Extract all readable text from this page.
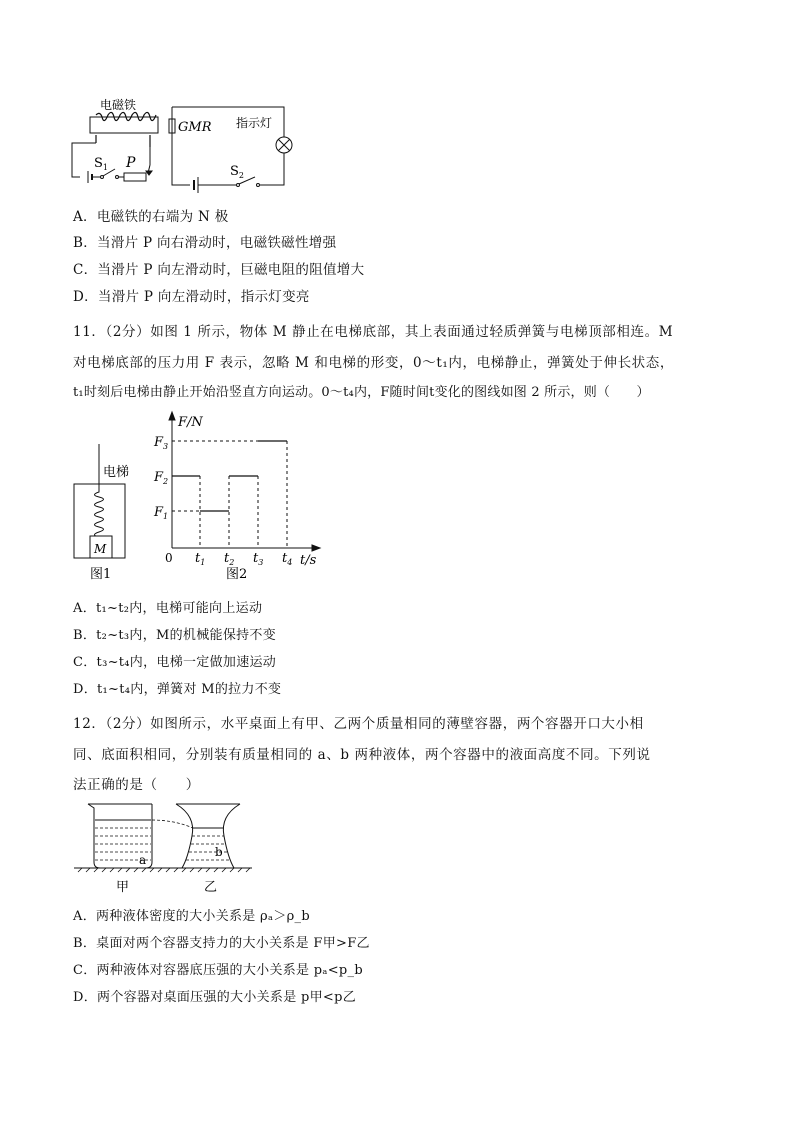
电磁铁
$S_1$ P
GMR 指示灯
$S_2$
A．电磁铁的右端为 N 极
B．当滑片 P 向右滑动时，电磁铁磁性增强
C．当滑片 P 向左滑动时，巨磁电阻的阻值增大
D．当滑片 P 向左滑动时，指示灯变亮
11．（2分）如图 1 所示，物体 M 静止在电梯底部，其上表面通过轻质弹簧与电梯顶部相连。M
对电梯底部的压力用 F 表示，忽略 M 和电梯的形变，0～t₁内，电梯静止，弹簧处于伸长状态，
t₁时刻后电梯由静止开始沿竖直方向运动。0～t₄内，F随时间t变化的图线如图 2 所示，则（　　）
电梯
M
图1
F/N
$F_3$
$F_2$
$F_1$
0 $t_1$ $t_2$ $t_3$ $t_4$ t/s
图2
A．t₁~t₂内，电梯可能向上运动
B．t₂~t₃内，M的机械能保持不变
C．t₃~t₄内，电梯一定做加速运动
D．t₁~t₄内，弹簧对 M的拉力不变
12．（2分）如图所示，水平桌面上有甲、乙两个质量相同的薄壁容器，两个容器开口大小相
同、底面积相同，分别装有质量相同的 a、b 两种液体，两个容器中的液面高度不同。下列说
法正确的是（　　）
a
b
甲	乙
A．两种液体密度的大小关系是 ρₐ＞ρ_b
B．桌面对两个容器支持力的大小关系是 F甲>F乙
C．两种液体对容器底压强的大小关系是 pₐ<p_b
D．两个容器对桌面压强的大小关系是 p甲<p乙
